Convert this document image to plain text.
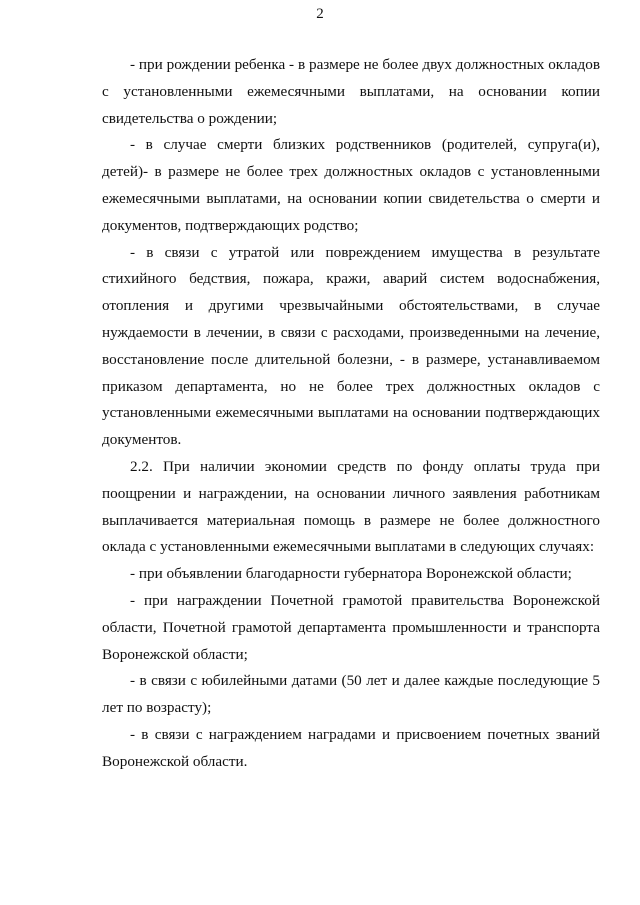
2

- при рождении ребенка - в размере не более двух должностных окладов с установленными ежемесячными выплатами, на основании копии свидетельства о рождении;

- в случае смерти близких родственников (родителей, супруга(и), детей)- в размере не более трех должностных окладов с установленными ежемесячными выплатами, на основании копии свидетельства о смерти и документов, подтверждающих родство;

- в связи с утратой или повреждением имущества в результате стихийного бедствия, пожара, кражи, аварий систем водоснабжения, отопления и другими чрезвычайными обстоятельствами, в случае нуждаемости в лечении, в связи с расходами, произведенными на лечение, восстановление после длительной болезни, - в размере, устанавливаемом приказом департамента, но не более трех должностных окладов с установленными ежемесячными выплатами на основании подтверждающих документов.

2.2. При наличии экономии средств по фонду оплаты труда при поощрении и награждении, на основании личного заявления работникам выплачивается материальная помощь в размере не более должностного оклада с установленными ежемесячными выплатами в следующих случаях:

- при объявлении благодарности губернатора Воронежской области;

- при награждении Почетной грамотой правительства Воронежской области, Почетной грамотой департамента промышленности и транспорта Воронежской области;

- в связи с юбилейными датами (50 лет и далее каждые последующие 5 лет по возрасту);

- в связи с награждением наградами и присвоением почетных званий Воронежской области.
